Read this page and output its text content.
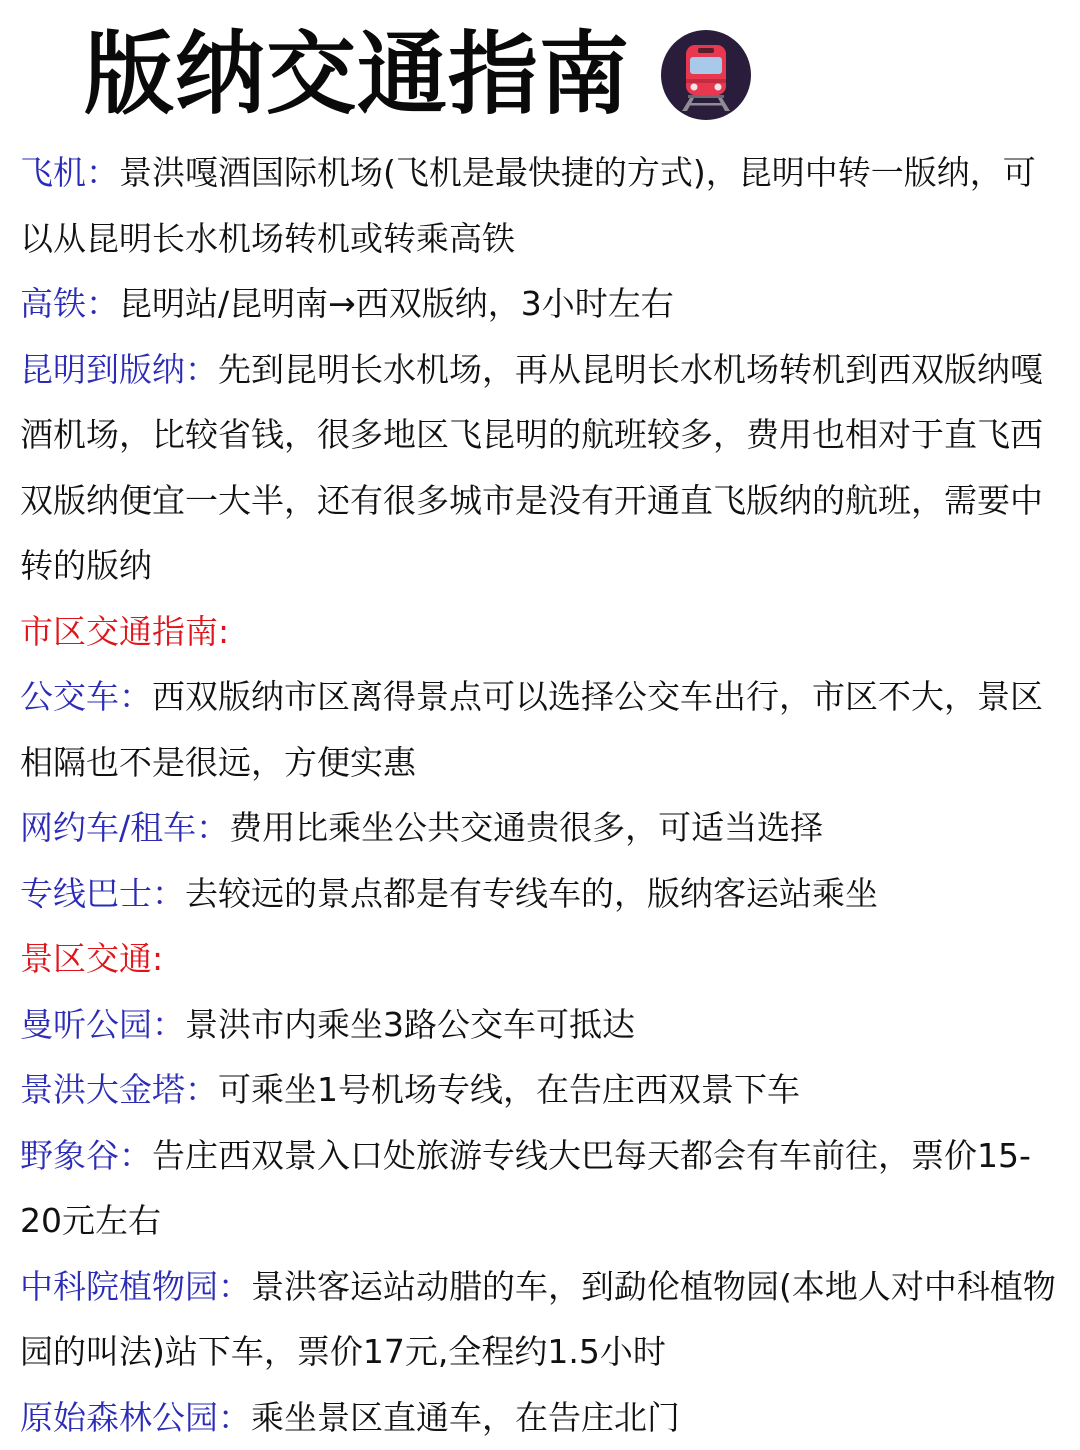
版纳交通指南

飞机：景洪嘎酒国际机场(飞机是最快捷的方式)，昆明中转一版纳，可以从昆明长水机场转机或转乘高铁

高铁：昆明站/昆明南→西双版纳，3小时左右

昆明到版纳：先到昆明长水机场，再从昆明长水机场转机到西双版纳嘎酒机场，比较省钱，很多地区飞昆明的航班较多，费用也相对于直飞西双版纳便宜一大半，还有很多城市是没有开通直飞版纳的航班，需要中转的版纳

市区交通指南:

公交车：西双版纳市区离得景点可以选择公交车出行，市区不大，景区相隔也不是很远，方便实惠

网约车/租车：费用比乘坐公共交通贵很多，可适当选择

专线巴士：去较远的景点都是有专线车的，版纳客运站乘坐

景区交通:

曼听公园：景洪市内乘坐3路公交车可抵达

景洪大金塔：可乘坐1号机场专线，在告庄西双景下车

野象谷：告庄西双景入口处旅游专线大巴每天都会有车前往，票价15-20元左右

中科院植物园：景洪客运站动腊的车，到勐伦植物园(本地人对中科植物园的叫法)站下车，票价17元,全程约1.5小时

原始森林公园：乘坐景区直通车，在告庄北门
